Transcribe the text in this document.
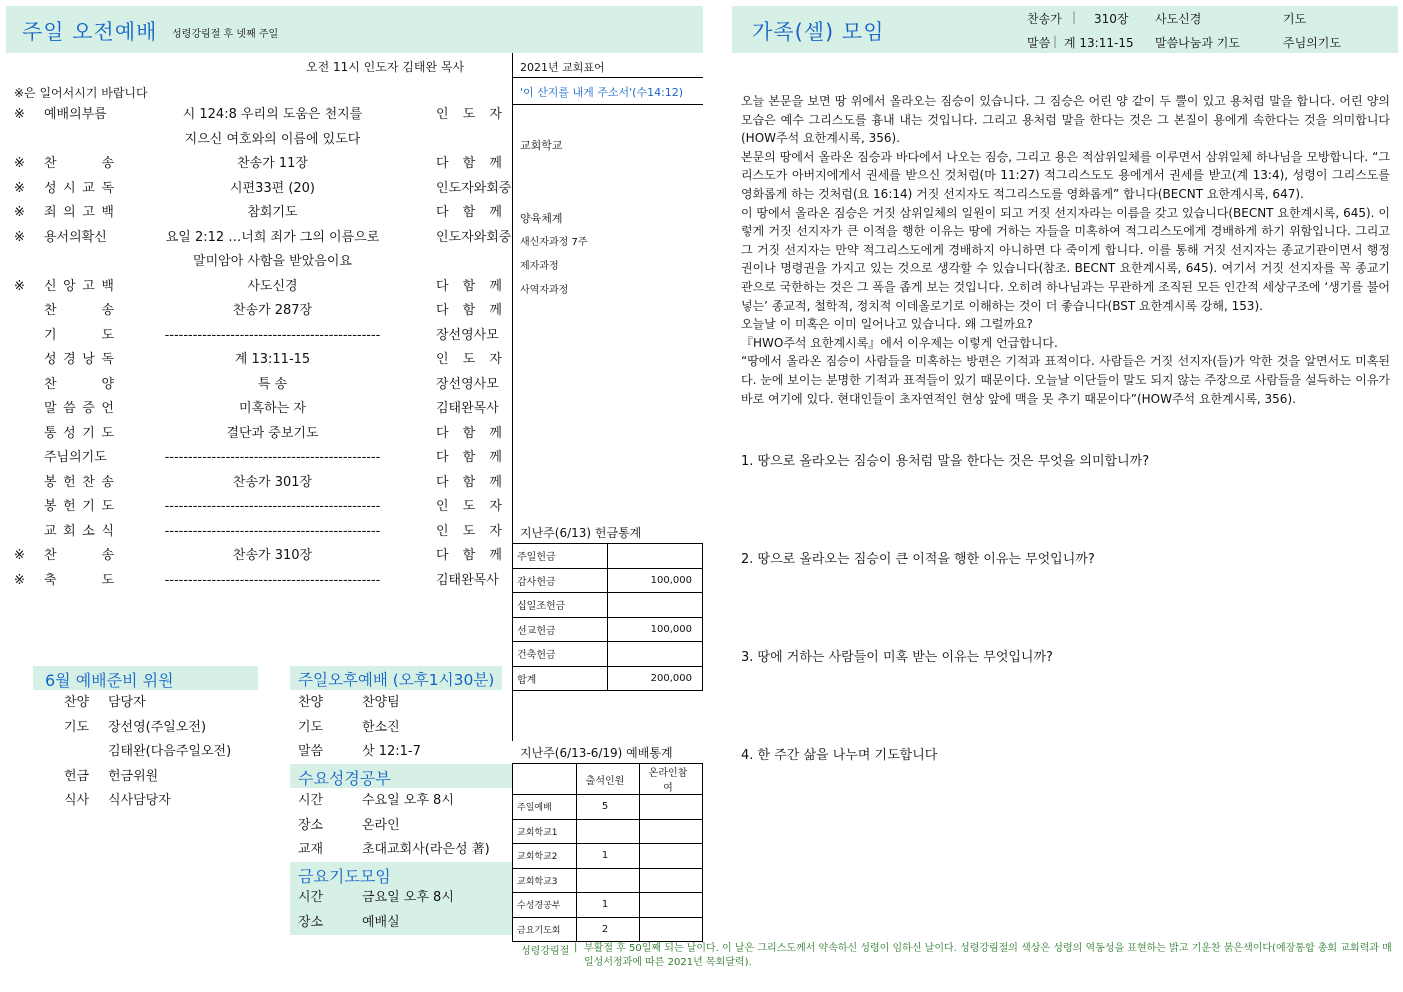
주일 오전예배 성령강림절 후 넷째 주일
오전 11시 인도자 김태완 목사
※은 일어서시기 바랍니다
※ 예배의부름	시 124:8 우리의 도움은 천지를	인 도 자
지으신 여호와의 이름에 있도다
※ 찬 송	찬송가 11장	다 함 께
※ 성 시 교 독	시편33편 (20)	인도자와회중
※ 죄 의 고 백	참회기도	다 함 께
※ 용서의확신	요일 2:12 …너희 죄가 그의 이름으로	인도자와회중
말미암아 사함을 받았음이요
※ 신 앙 고 백	사도신경	다 함 께
찬 송	찬송가 287장	다 함 께
기 도	----------------------------------------------	장선영사모
성 경 낭 독	계 13:11-15	인 도 자
찬 양	특 송	장선영사모
말 씀 증 언	미혹하는 자	김태완목사
통 성 기 도	결단과 중보기도	다 함 께
주님의기도	----------------------------------------------	다 함 께
봉 헌 찬 송	찬송가 301장	다 함 께
봉 헌 기 도	----------------------------------------------	인 도 자
교 회 소 식	----------------------------------------------	인 도 자
※ 찬 송	찬송가 310장	다 함 께
※ 축 도	----------------------------------------------	김태완목사
2021년 교회표어
'이 산지를 내게 주소서'(수14:12)
교회학교
양육체계
새신자과정 7주
제자과정
사역자과정
지난주(6/13) 헌금통계
주일헌금	
감사헌금	100,000
십일조헌금	
선교헌금	100,000
건축헌금	
합계	200,000
6월 예배준비 위원
찬양 담당자
기도 장선영(주일오전)
김태완(다음주일오전)
헌금 헌금위원
식사 식사담당자
주일오후예배 (오후1시30분)
찬양	찬양팀
기도	한소진
말씀	삿 12:1-7
수요성경공부
시간	수요일 오후 8시
장소	온라인
교재	초대교회사(라은성 著)
금요기도모임
시간	금요일 오후 8시
장소	예배실
지난주(6/13-6/19) 예배통계
	출석인원	온라인참여
주일예배	5	
교회학교1		
교회학교2	1	
교회학교3		
수성경공부	1	
금요기도회	2	
가족(셀) 모임
찬송가 | 310장 사도신경	기도
말씀 | 계 13:11-15 말씀나눔과 기도	주님의기도

오늘 본문을 보면 땅 위에서 올라오는 짐승이 있습니다. 그 짐승은 어린 양 같이 두 뿔이 있고 용처럼 말을 합니다. 어린 양의 모습은 예수 그리스도를 흉내 내는 것입니다. 그리고 용처럼 말을 한다는 것은 그 본질이 용에게 속한다는 것을 의미합니다(HOW주석 요한계시록, 356).

본문의 땅에서 올라온 짐승과 바다에서 나오는 짐승, 그리고 용은 적삼위일체를 이루면서 삼위일체 하나님을 모방합니다. “그리스도가 아버지에게서 권세를 받으신 것처럼(마 11:27) 적그리스도도 용에게서 권세를 받고(계 13:4), 성령이 그리스도를 영화롭게 하는 것처럼(요 16:14) 거짓 선지자도 적그리스도를 영화롭게” 합니다(BECNT 요한계시록, 647).

이 땅에서 올라온 짐승은 거짓 삼위일체의 일원이 되고 거짓 선지자라는 이름을 갖고 있습니다(BECNT 요한계시록, 645). 이렇게 거짓 선지자가 큰 이적을 행한 이유는 땅에 거하는 자들을 미혹하여 적그리스도에게 경배하게 하기 위함입니다. 그리고 그 거짓 선지자는 만약 적그리스도에게 경배하지 아니하면 다 죽이게 합니다. 이를 통해 거짓 선지자는 종교기관이면서 행정권이나 명령권을 가지고 있는 것으로 생각할 수 있습니다(참조. BECNT 요한계시록, 645). 여기서 거짓 선지자를 꼭 종교기관으로 국한하는 것은 그 폭을 좁게 보는 것입니다. 오히려 하나님과는 무관하게 조직된 모든 인간적 세상구조에 ‘생기를 불어넣는’ 종교적, 철학적, 정치적 이데올로기로 이해하는 것이 더 좋습니다(BST 요한계시록 강해, 153).

오늘날 이 미혹은 이미 일어나고 있습니다. 왜 그럴까요?

『HWO주석 요한계시록』에서 이우제는 이렇게 언급합니다.

“땅에서 올라온 짐승이 사람들을 미혹하는 방편은 기적과 표적이다. 사람들은 거짓 선지자(들)가 악한 것을 알면서도 미혹된다. 눈에 보이는 분명한 기적과 표적들이 있기 때문이다. 오늘날 이단들이 말도 되지 않는 주장으로 사람들을 설득하는 이유가 바로 여기에 있다. 현대인들이 초자연적인 현상 앞에 맥을 못 추기 때문이다”(HOW주석 요한계시록, 356).

1. 땅으로 올라오는 짐승이 용처럼 말을 한다는 것은 무엇을 의미합니까?
2. 땅으로 올라오는 짐승이 큰 이적을 행한 이유는 무엇입니까?
3. 땅에 거하는 사람들이 미혹 받는 이유는 무엇입니까?
4. 한 주간 삶을 나누며 기도합니다
성령강림절 | 부활절 후 50일째 되는 날이다. 이 날은 그리스도께서 약속하신 성령이 임하신 날이다. 성령강림절의 색상은 성령의 역동성을 표현하는 밝고 기운찬 붉은색이다(예장통합 총회 교회력과 매일성서정과에 따른 2021년 목회달력).
